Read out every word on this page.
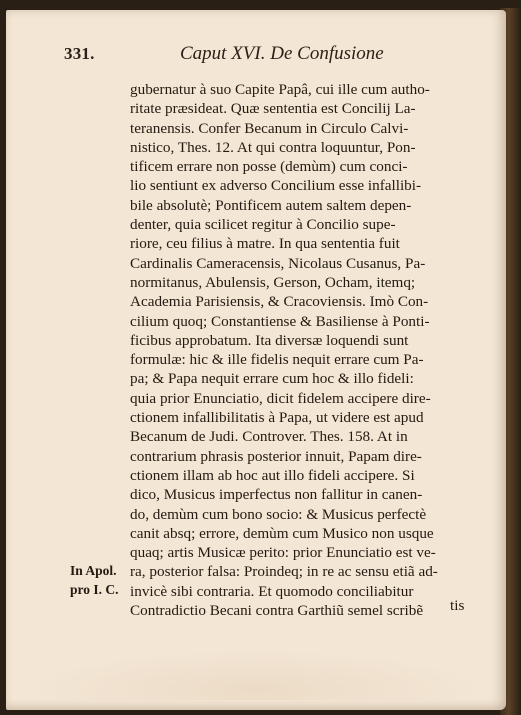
331.	Caput XVI. De Confusione
gubernatur à suo Capite Papâ, cui ille cum autho-
ritate præsideat. Quæ sententia est Concilij La-
teranensis. Confer Becanum in Circulo Calvi-
nistico, Thes. 12. At qui contra loquuntur, Pon-
tificem errare non posse (demùm) cum conci-
lio sentiunt ex adverso Concilium esse infallibi-
bile absolutè; Pontificem autem saltem depen-
denter, quia scilicet regitur à Concilio supe-
riore, ceu filius à matre. In qua sententia fuit
Cardinalis Cameracensis, Nicolaus Cusanus, Pa-
normitanus, Abulensis, Gerson, Ocham, itemq;
Academia Parisiensis, & Cracoviensis. Imò Con-
cilium quoq; Constantiense & Basiliense à Ponti-
ficibus approbatum. Ita diversæ loquendi sunt
formulæ: hic & ille fidelis nequit errare cum Pa-
pa; & Papa nequit errare cum hoc & illo fideli:
quia prior Enunciatio, dicit fidelem accipere dire-
ctionem infallibilitatis à Papa, ut videre est apud
Becanum de Judi. Controver. Thes. 158. At in
contrarium phrasis posterior innuit, Papam dire-
ctionem illam ab hoc aut illo fideli accipere. Si
dico, Musicus imperfectus non fallitur in canen-
do, demùm cum bono socio: & Musicus perfectè
canit absq; errore, demùm cum Musico non usque
quaq; artis Musicæ perito: prior Enunciatio est ve-
ra, posterior falsa: Proindeq; in re ac sensu etiã ad-
invicè sibi contraria. Et quomodo conciliabitur
Contradictio Becani contra Garthiũ semel scribẽ
In Apol.
pro I. C.
tis
